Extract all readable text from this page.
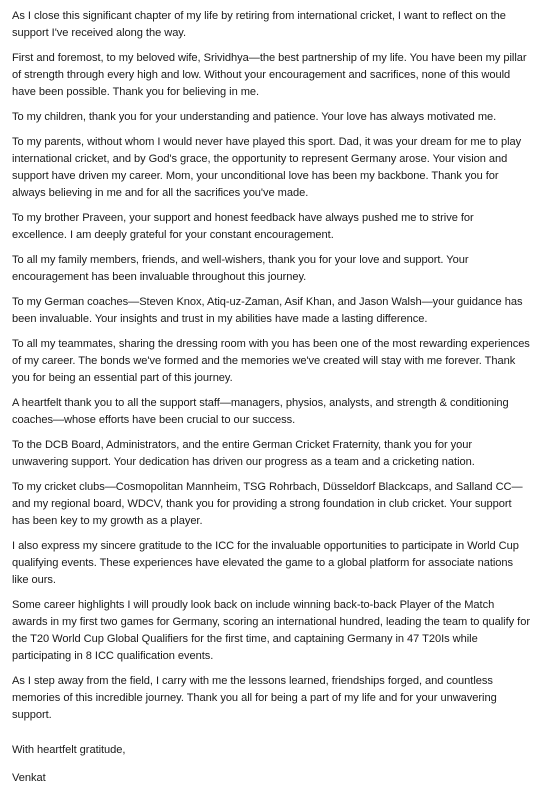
As I close this significant chapter of my life by retiring from international cricket, I want to reflect on the support I've received along the way.

First and foremost, to my beloved wife, Srividhya—the best partnership of my life. You have been my pillar of strength through every high and low. Without your encouragement and sacrifices, none of this would have been possible. Thank you for believing in me.

To my children, thank you for your understanding and patience. Your love has always motivated me.

To my parents, without whom I would never have played this sport. Dad, it was your dream for me to play international cricket, and by God's grace, the opportunity to represent Germany arose. Your vision and support have driven my career. Mom, your unconditional love has been my backbone. Thank you for always believing in me and for all the sacrifices you've made.

To my brother Praveen, your support and honest feedback have always pushed me to strive for excellence. I am deeply grateful for your constant encouragement.

To all my family members, friends, and well-wishers, thank you for your love and support. Your encouragement has been invaluable throughout this journey.

To my German coaches—Steven Knox, Atiq-uz-Zaman, Asif Khan, and Jason Walsh—your guidance has been invaluable. Your insights and trust in my abilities have made a lasting difference.

To all my teammates, sharing the dressing room with you has been one of the most rewarding experiences of my career. The bonds we've formed and the memories we've created will stay with me forever. Thank you for being an essential part of this journey.

A heartfelt thank you to all the support staff—managers, physios, analysts, and strength & conditioning coaches—whose efforts have been crucial to our success.

To the DCB Board, Administrators, and the entire German Cricket Fraternity, thank you for your unwavering support. Your dedication has driven our progress as a team and a cricketing nation.

To my cricket clubs—Cosmopolitan Mannheim, TSG Rohrbach, Düsseldorf Blackcaps, and Salland CC—and my regional board, WDCV, thank you for providing a strong foundation in club cricket. Your support has been key to my growth as a player.

I also express my sincere gratitude to the ICC for the invaluable opportunities to participate in World Cup qualifying events. These experiences have elevated the game to a global platform for associate nations like ours.

Some career highlights I will proudly look back on include winning back-to-back Player of the Match awards in my first two games for Germany, scoring an international hundred, leading the team to qualify for the T20 World Cup Global Qualifiers for the first time, and captaining Germany in 47 T20Is while participating in 8 ICC qualification events.

As I step away from the field, I carry with me the lessons learned, friendships forged, and countless memories of this incredible journey. Thank you all for being a part of my life and for your unwavering support.

With heartfelt gratitude,

Venkat
